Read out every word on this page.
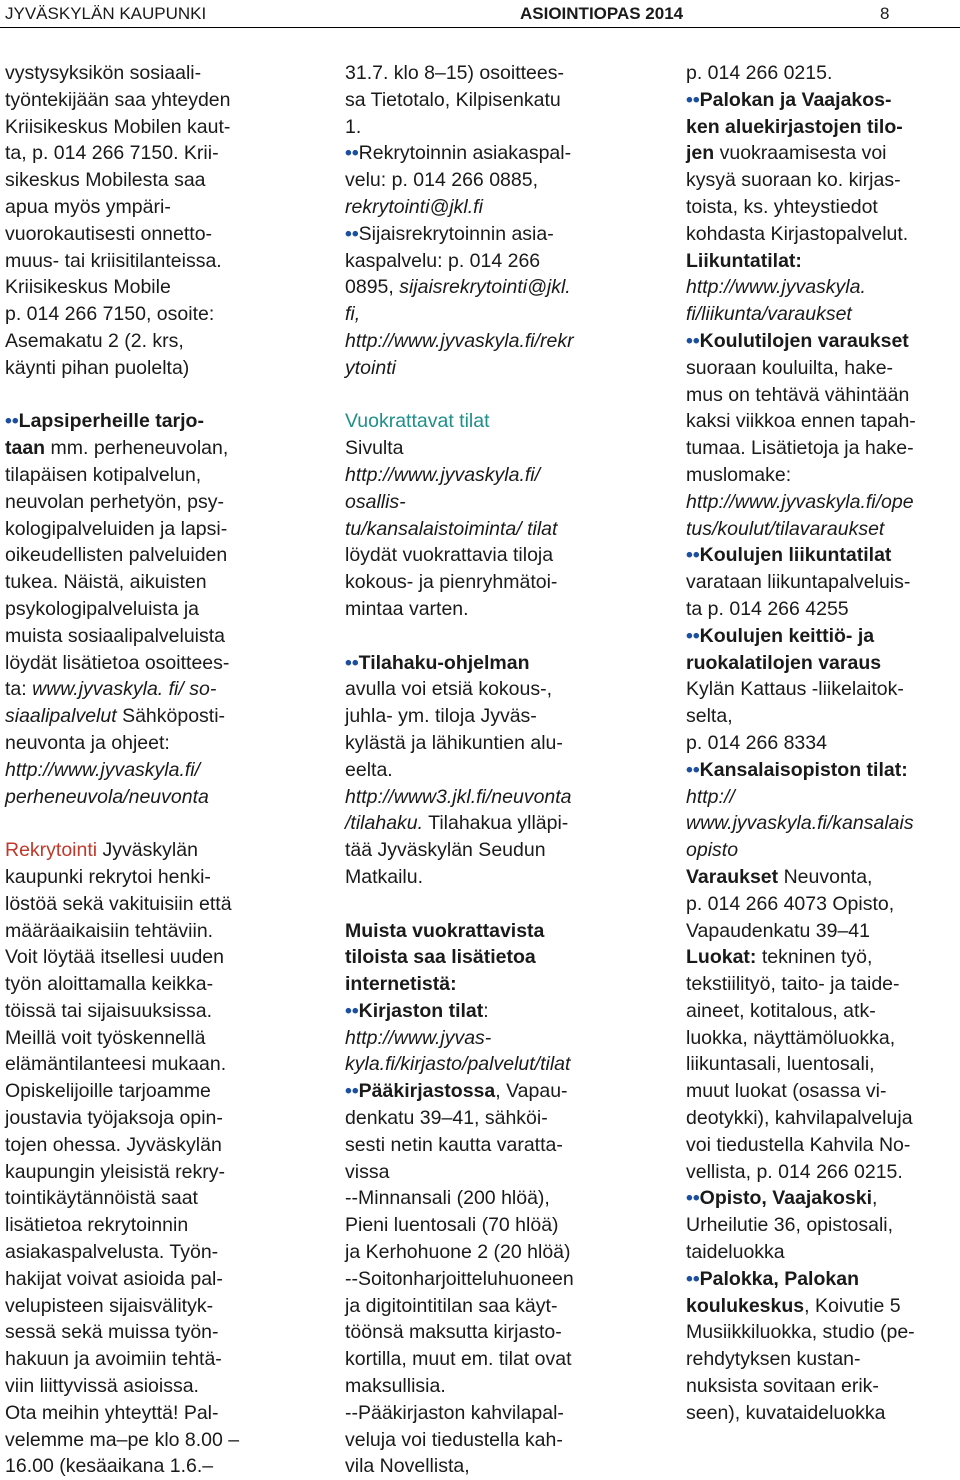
JYVÄSKYLÄN KAUPUNKI	ASIOINTIOPAS 2014	8
vystysyksikön sosiaali-
työntekijään saa yhteyden
Kriisikeskus Mobilen kaut-
ta, p. 014 266 7150. Krii-
sikeskus Mobilesta saa
apua myös ympäri-
vuorokautisesti onnetto-
muus- tai kriisitilanteissa.
Kriisikeskus Mobile
p. 014 266 7150, osoite:
Asemakatu 2 (2. krs,
käynti pihan puolelta)
••Lapsiperheille tarjo-
taan mm. perheneuvolan,
tilapäisen kotipalvelun,
neuvolan perhetyön, psy-
kologipalveluiden ja lapsi-
oikeudellisten palveluiden
tukea. Näistä, aikuisten
psykologipalveluista ja
muista sosiaalipalveluista
löydät lisätietoa osoittees-
ta: www.jyvaskyla. fi/ so-
siaalipalvelut Sähköposti-
neuvonta ja ohjeet:
http://www.jyvaskyla.fi/
perheneuvola/neuvonta
Rekrytointi Jyväskylän
kaupunki rekrytoi henki-
löstöä sekä vakituisiin että
määräaikaisiin tehtäviin.
Voit löytää itsellesi uuden
työn aloittamalla keikka-
töissä tai sijaisuuksissa.
Meillä voit työskennellä
elämäntilanteesi mukaan.
Opiskelijoille tarjoamme
joustavia työjaksoja opin-
tojen ohessa. Jyväskylän
kaupungin yleisistä rekry-
tointikäytännöistä saat
lisätietoa rekrytoinnin
asiakaspalvelusta. Työn-
hakijat voivat asioida pal-
velupisteen sijaisvälityk-
sessä sekä muissa työn-
hakuun ja avoimiin tehtä-
viin liittyvissä asioissa.
Ota meihin yhteyttä! Pal-
velemme ma–pe klo 8.00 –
16.00 (kesäaikana 1.6.–
31.7. klo 8–15) osoittees-
sa Tietotalo, Kilpisenkatu
1.
••Rekrytoinnin asiakaspal-
velu: p. 014 266 0885,
rekrytointi@jkl.fi
••Sijaisrekrytoinnin asia-
kaspalvelu: p. 014 266
0895, sijaisrekrytointi@jkl.
fi,
http://www.jyvaskyla.fi/rekr
ytointi
Vuokrattavat tilat
Sivulta
http://www.jyvaskyla.fi/
osallis-
tu/kansalaistoiminta/ tilat
löydät vuokrattavia tiloja
kokous- ja pienryhmätoi-
mintaa varten.
••Tilahaku-ohjelman
avulla voi etsiä kokous-,
juhla- ym. tiloja Jyväs-
kylästä ja lähikuntien alu-
eelta.
http://www3.jkl.fi/neuvonta
/tilahaku. Tilahakua ylläpi-
tää Jyväskylän Seudun
Matkailu.
Muista vuokrattavista
tiloista saa lisätietoa
internetistä:
••Kirjaston tilat:
http://www.jyvas-
kyla.fi/kirjasto/palvelut/tilat
••Pääkirjastossa, Vapau-
denkatu 39–41, sähköi-
sesti netin kautta varatta-
vissa
--Minnansali (200 hlöä),
Pieni luentosali (70 hlöä)
ja Kerhohuone 2 (20 hlöä)
--Soitonharjoitteluhuoneen
ja digitointitilan saa käyt-
töönsä maksutta kirjasto-
kortilla, muut em. tilat ovat
maksullisia.
--Pääkirjaston kahvilapal-
veluja voi tiedustella kah-
vila Novellista,
p. 014 266 0215.
••Palokan ja Vaajakos-
ken aluekirjastojen tilo-
jen vuokraamisesta voi
kysyä suoraan ko. kirjas-
toista, ks. yhteystiedot
kohdasta Kirjastopalvelut.
Liikuntatilat:
http://www.jyvaskyla.
fi/liikunta/varaukset
••Koulutilojen varaukset
suoraan kouluilta, hake-
mus on tehtävä vähintään
kaksi viikkoa ennen tapah-
tumaa. Lisätietoja ja hake-
muslomake:
http://www.jyvaskyla.fi/ope
tus/koulut/tilavaraukset
••Koulujen liikuntatilat
varataan liikuntapalveluis-
ta p. 014 266 4255
••Koulujen keittiö- ja
ruokalatilojen varaus
Kylän Kattaus -liikelaitok-
selta,
p. 014 266 8334
••Kansalaisopiston tilat:
http://
www.jyvaskyla.fi/kansalais
opisto
Varaukset Neuvonta,
p. 014 266 4073 Opisto,
Vapaudenkatu 39–41
Luokat: tekninen työ,
tekstiilityö, taito- ja taide-
aineet, kotitalous, atk-
luokka, näyttämöluokka,
liikuntasali, luentosali,
muut luokat (osassa vi-
deotykki), kahvilapalveluja
voi tiedustella Kahvila No-
vellista, p. 014 266 0215.
••Opisto, Vaajakoski,
Urheilutie 36, opistosali,
taideluokka
••Palokka, Palokan
koulukeskus, Koivutie 5
Musiikkiluokka, studio (pe-
rehdytyksen kustan-
nuksista sovitaan erik-
seen), kuvataideluokka
